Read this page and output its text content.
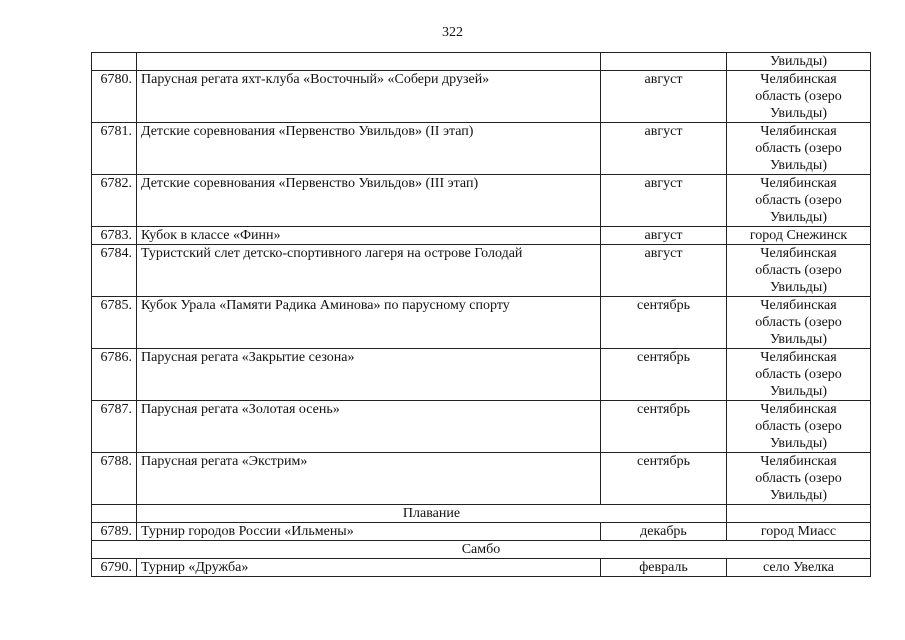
322

			Увильды)

6780.	Парусная регата яхт-клуба «Восточный» «Собери друзей»	август	Челябинская
область (озеро
Увильды)

6781.	Детские соревнования «Первенство Увильдов» (II этап)	август	Челябинская
область (озеро
Увильды)

6782.	Детские соревнования «Первенство Увильдов» (III этап)	август	Челябинская
область (озеро
Увильды)

6783.	Кубок в классе «Финн»	август	город Снежинск

6784.	Туристский слет детско-спортивного лагеря на острове Голодай	август	Челябинская
область (озеро
Увильды)

6785.	Кубок Урала «Памяти Радика Аминова» по парусному спорту	сентябрь	Челябинская
область (озеро
Увильды)

6786.	Парусная регата «Закрытие сезона»	сентябрь	Челябинская
область (озеро
Увильды)

6787.	Парусная регата «Золотая осень»	сентябрь	Челябинская
область (озеро
Увильды)

6788.	Парусная регата «Экстрим»	сентябрь	Челябинская
область (озеро
Увильды)

	Плавание		
6789.	Турнир городов России «Ильмены»	декабрь	город Миасс

Самбо			
6790.	Турнир «Дружба»	февраль	село Увелка
